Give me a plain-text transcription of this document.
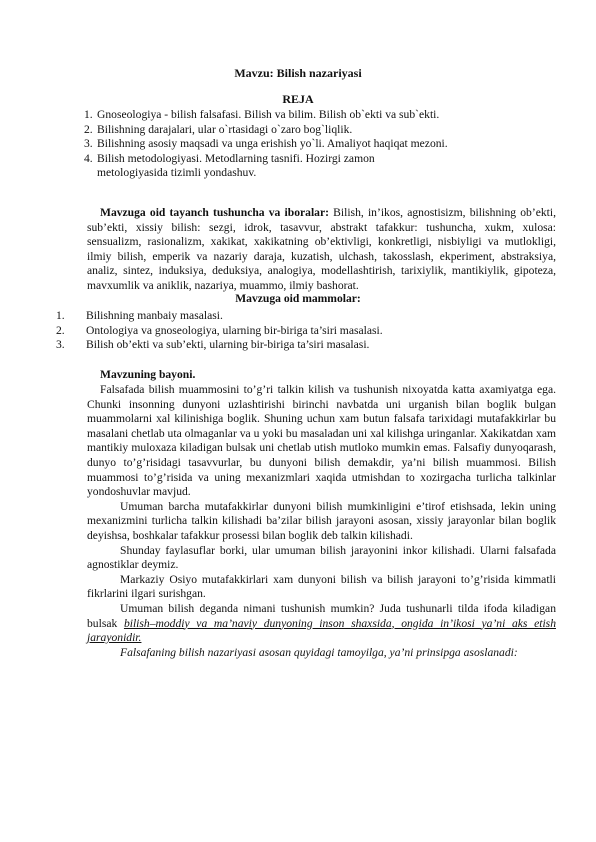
Mavzu: Bilish nazariyasi
REJA
1. Gnoseologiya - bilish falsafasi. Bilish va bilim. Bilish ob`ekti va sub`ekti.
2. Bilishning darajalari, ular o`rtasidagi o`zaro bog`liqlik.
3. Bilishning asosiy maqsadi va unga erishish yo`li. Amaliyot haqiqat mezoni.
4. Bilish metodologiyasi. Metodlarning tasnifi. Hozirgi zamon
metologiyasida tizimli yondashuv.

Mavzuga oid tayanch tushuncha va iboralar: Bilish, in’ikos, agnostisizm, bilishning ob’ekti, sub’ekti, xissiy bilish: sezgi, idrok, tasavvur, abstrakt tafakkur: tushuncha, xukm, xulosa: sensualizm, rasionalizm, xakikat, xakikatning ob’ektivligi, konkretligi, nisbiyligi va mutlokligi, ilmiy bilish, emperik va nazariy daraja, kuzatish, ulchash, takosslash, ekperiment, abstraksiya, analiz, sintez, induksiya, deduksiya, analogiya, modellashtirish, tarixiylik, mantikiylik, gipoteza, mavxumlik va aniklik, nazariya, muammo, ilmiy bashorat.

Mavzuga oid mammolar:
1.	Bilishning manbaiy masalasi.
2.	Ontologiya va gnoseologiya, ularning bir-biriga ta’siri masalasi.
3.	Bilish ob’ekti va sub’ekti, ularning bir-biriga ta’siri masalasi.
Mavzuning bayoni.

Falsafada bilish muammosini to’g’ri talkin kilish va tushunish nixoyatda katta axamiyatga ega. Chunki insonning dunyoni uzlashtirishi birinchi navbatda uni urganish bilan boglik bulgan muammolarni xal kilinishiga boglik. Shuning uchun xam butun falsafa tarixidagi mutafakkirlar bu masalani chetlab uta olmaganlar va u yoki bu masaladan uni xal kilishga uringanlar. Xakikatdan xam mantikiy muloxaza kiladigan bulsak uni chetlab utish mutloko mumkin emas. Falsafiy dunyoqarash, dunyo to’g’risidagi tasavvurlar, bu dunyoni bilish demakdir, ya’ni bilish muammosi. Bilish muammosi to’g’risida va uning mexanizmlari xaqida utmishdan to xozirgacha turlicha talkinlar yondoshuvlar mavjud.

Umuman barcha mutafakkirlar dunyoni bilish mumkinligini e’tirof etishsada, lekin uning mexanizmini turlicha talkin kilishadi ba’zilar bilish jarayoni asosan, xissiy jarayonlar bilan boglik deyishsa, boshkalar tafakkur prosessi bilan boglik deb talkin kilishadi.

Shunday faylasuflar borki, ular umuman bilish jarayonini inkor kilishadi. Ularni falsafada agnostiklar deymiz.

Markaziy Osiyo mutafakkirlari xam dunyoni bilish va bilish jarayoni to’g’risida kimmatli fikrlarini ilgari surishgan.

Umuman bilish deganda nimani tushunish mumkin? Juda tushunarli tilda ifoda kiladigan bulsak bilish–moddiy va ma’naviy dunyoning inson shaxsida, ongida in’ikosi ya’ni aks etish jarayonidir.

Falsafaning bilish nazariyasi asosan quyidagi tamoyilga, ya’ni prinsipga asoslanadi:
